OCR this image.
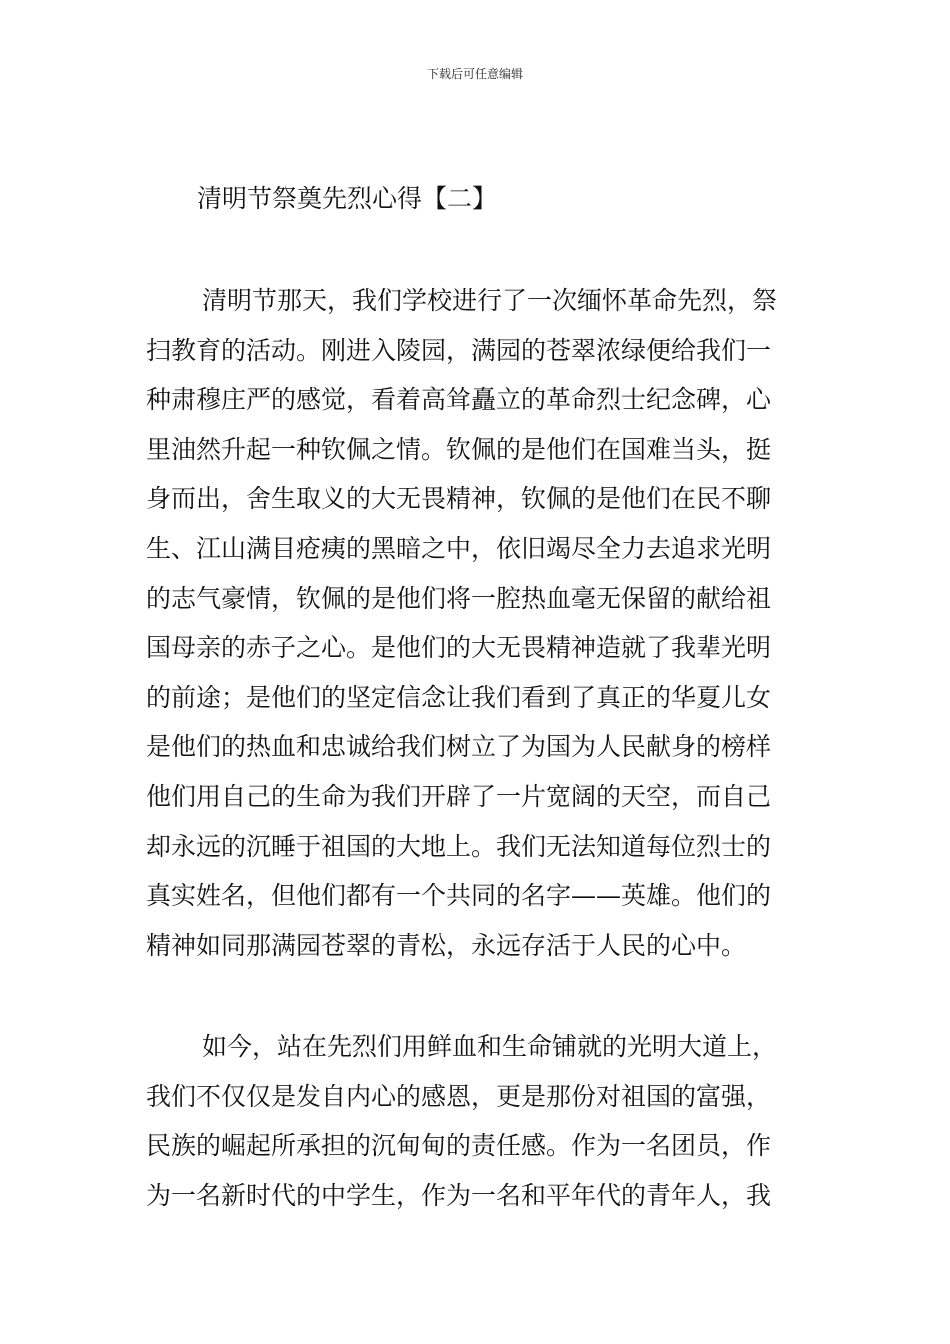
下载后可任意编辑
清明节祭奠先烈心得【二】

清明节那天，我们学校进行了一次缅怀革命先烈，祭
扫教育的活动。刚进入陵园，满园的苍翠浓绿便给我们一
种肃穆庄严的感觉，看着高耸矗立的革命烈士纪念碑，心
里油然升起一种钦佩之情。钦佩的是他们在国难当头，挺
身而出，舍生取义的大无畏精神，钦佩的是他们在民不聊
生、江山满目疮痍的黑暗之中，依旧竭尽全力去追求光明
的志气豪情，钦佩的是他们将一腔热血毫无保留的献给祖
国母亲的赤子之心。是他们的大无畏精神造就了我辈光明
的前途；是他们的坚定信念让我们看到了真正的华夏儿女
是他们的热血和忠诚给我们树立了为国为人民献身的榜样
他们用自己的生命为我们开辟了一片宽阔的天空，而自己
却永远的沉睡于祖国的大地上。我们无法知道每位烈士的
真实姓名，但他们都有一个共同的名字——英雄。他们的
精神如同那满园苍翠的青松，永远存活于人民的心中。

如今，站在先烈们用鲜血和生命铺就的光明大道上，
我们不仅仅是发自内心的感恩，更是那份对祖国的富强，
民族的崛起所承担的沉甸甸的责任感。作为一名团员，作
为一名新时代的中学生，作为一名和平年代的青年人，我
